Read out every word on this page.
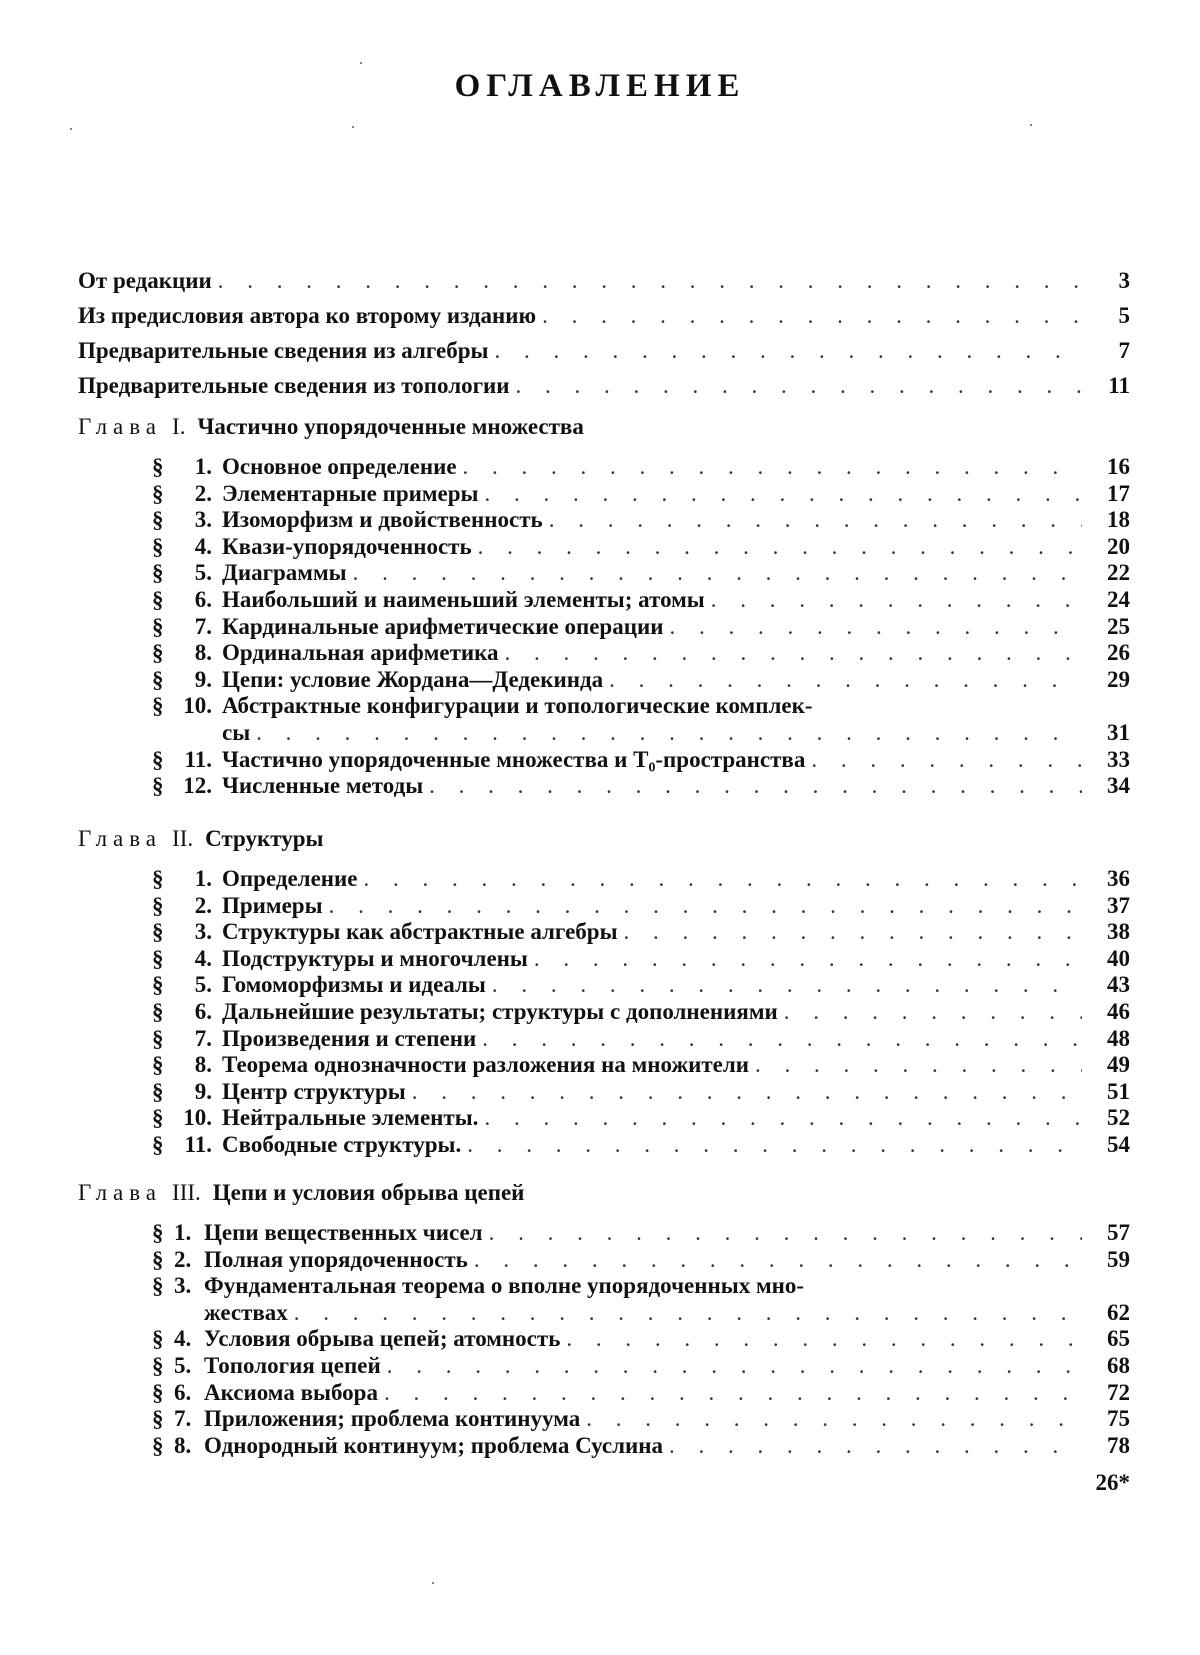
ОГЛАВЛЕНИЕ
От редакции . . .	3
Из предисловия автора ко второму изданию . . .	5
Предварительные сведения из алгебры . . .	7
Предварительные сведения из топологии . . .	11
Глава I. Частично упорядоченные множества
§	1. Основное определение . . .	16
§	2. Элементарные примеры . . .	17
§	3. Изоморфизм и двойственность . . .	18
§	4. Квази-упорядоченность . . .	20
§	5. Диаграммы . . .	22
§	6. Наибольший и наименьший элементы; атомы . . .	24
§	7. Кардинальные арифметические операции . . .	25
§	8. Ординальная арифметика . . .	26
§	9. Цепи: условие Жордана—Дедекинда . . .	29
§ 10. Абстрактные конфигурации и топологические комплек-
сы . . .	31
§ 11. Частично упорядоченные множества и T₀-пространства . . .	33
§ 12. Численные методы . . .	34
Глава II. Структуры
§	1. Определение . . .	36
§	2. Примеры . . .	37
§	3. Структуры как абстрактные алгебры . . .	38
§	4. Подструктуры и многочлены . . .	40
§	5. Гомоморфизмы и идеалы . . .	43
§	6. Дальнейшие результаты; структуры с дополнениями . . .	46
§	7. Произведения и степени . . .	48
§	8. Теорема однозначности разложения на множители . . .	49
§	9. Центр структуры . . .	51
§ 10. Нейтральные элементы. . . .	52
§ 11. Свободные структуры. . . .	54
Глава III. Цепи и условия обрыва цепей
§ 1. Цепи вещественных чисел . . .	57
§ 2. Полная упорядоченность . . .	59
§ 3. Фундаментальная теорема о вполне упорядоченных мно-
жествах . . .	62
§ 4. Условия обрыва цепей; атомность . . .	65
§ 5. Топология цепей . . .	68
§ 6. Аксиома выбора . . .	72
§ 7. Приложения; проблема континуума . . .	75
§ 8. Однородный континуум; проблема Суслина . . .	78
26*
